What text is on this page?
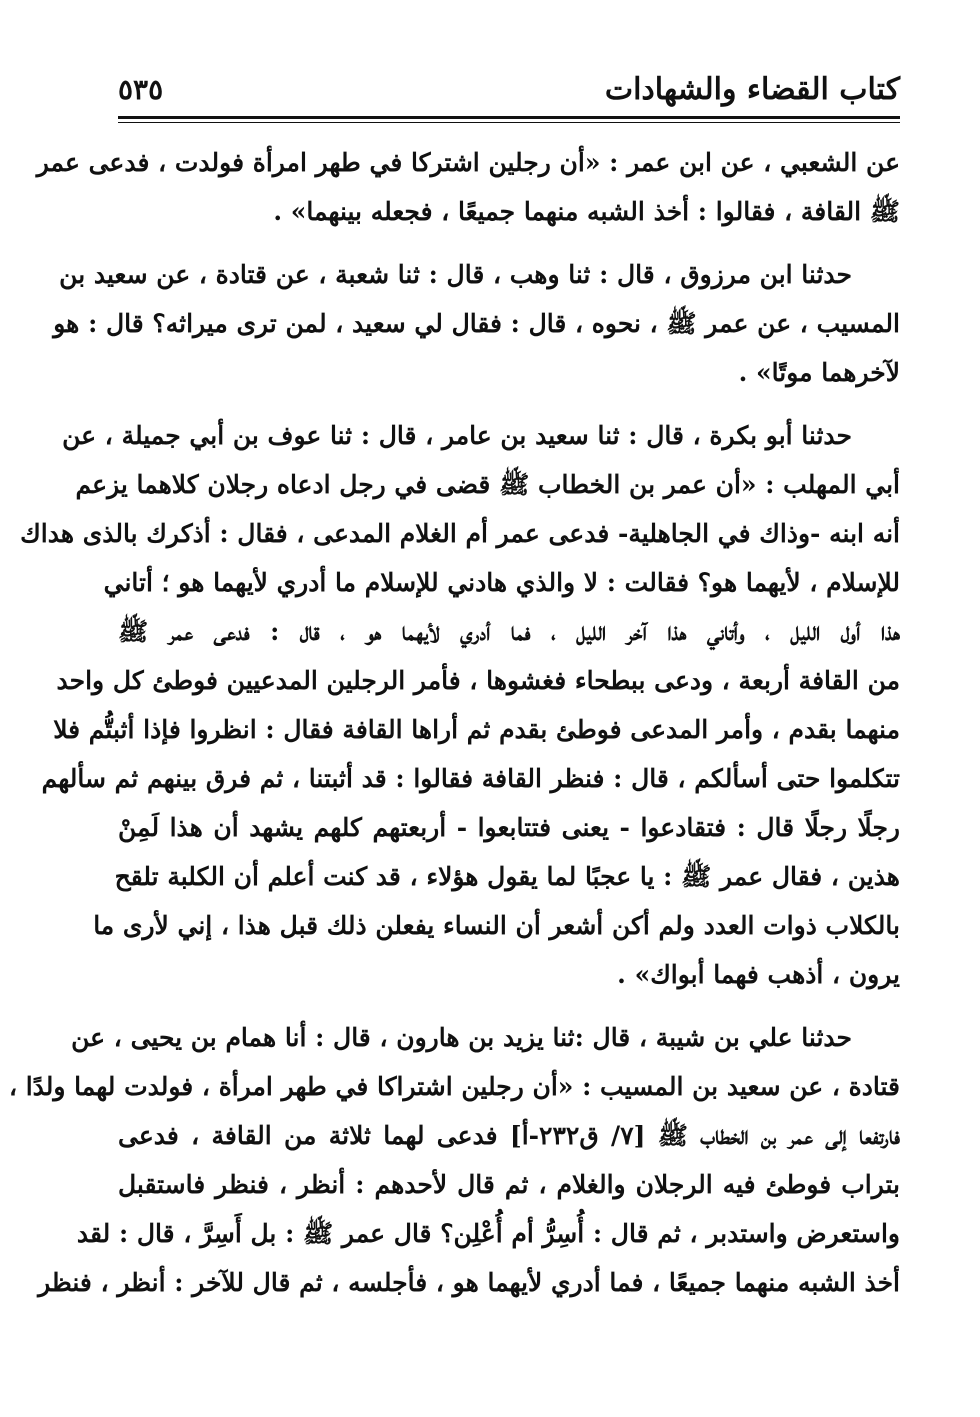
٥٣٥	كتاب القضاء والشهادات
عن الشعبي ، عن ابن عمر : «أن رجلين اشتركا في طهر امرأة فولدت ، فدعى عمر
ﷺ القافة ، فقالوا : أخذ الشبه منهما جميعًا ، فجعله بينهما» .
حدثنا ابن مرزوق ، قال : ثنا وهب ، قال : ثنا شعبة ، عن قتادة ، عن سعيد بن
المسيب ، عن عمر ﷺ ، نحوه ، قال : فقال لي سعيد ، لمن ترى ميراثه؟ قال : هو
لآخرهما موتًا» .
حدثنا أبو بكرة ، قال : ثنا سعيد بن عامر ، قال : ثنا عوف بن أبي جميلة ، عن
أبي المهلب : «أن عمر بن الخطاب ﷺ قضى في رجل ادعاه رجلان كلاهما يزعم
أنه ابنه -وذاك في الجاهلية- فدعى عمر أم الغلام المدعى ، فقال : أذكرك بالذى هداك
للإسلام ، لأيهما هو؟ فقالت : لا والذي هادني للإسلام ما أدري لأيهما هو ؛ أتاني
هذا أول الليل ، وأتاني هذا آخر الليل ، فما أدري لأيهما هو ، قال : فدعى عمر ﷺ
من القافة أربعة ، ودعى ببطحاء فغشوها ، فأمر الرجلين المدعيين فوطئ كل واحد
منهما بقدم ، وأمر المدعى فوطئ بقدم ثم أراها القافة فقال : انظروا فإذا أثبتُّم فلا
تتكلموا حتى أسألكم ، قال : فنظر القافة فقالوا : قد أثبتنا ، ثم فرق بينهم ثم سألهم
رجلًا رجلًا قال : فتقادعوا - يعنى فتتابعوا - أربعتهم كلهم يشهد أن هذا لَمِنْ
هذين ، فقال عمر ﷺ : يا عجبًا لما يقول هؤلاء ، قد كنت أعلم أن الكلبة تلقح
بالكلاب ذوات العدد ولم أكن أشعر أن النساء يفعلن ذلك قبل هذا ، إني لأرى ما
يرون ، أذهب فهما أبواك» .
حدثنا علي بن شيبة ، قال :ثنا يزيد بن هارون ، قال : أنا همام بن يحيى ، عن
قتادة ، عن سعيد بن المسيب : «أن رجلين اشتراكا في طهر امرأة ، فولدت لهما ولدًا ،
فارتفعا إلى عمر بن الخطاب ﷺ [٧/ ق٢٣٢-أ] فدعى لهما ثلاثة من القافة ، فدعى
بتراب فوطئ فيه الرجلان والغلام ، ثم قال لأحدهم : أنظر ، فنظر فاستقبل
واستعرض واستدبر ، ثم قال : أُسِرُّ أم أُعْلِن؟ قال عمر ﷺ : بل أَسِرَّ ، قال : لقد
أخذ الشبه منهما جميعًا ، فما أدري لأيهما هو ، فأجلسه ، ثم قال للآخر : أنظر ، فنظر
